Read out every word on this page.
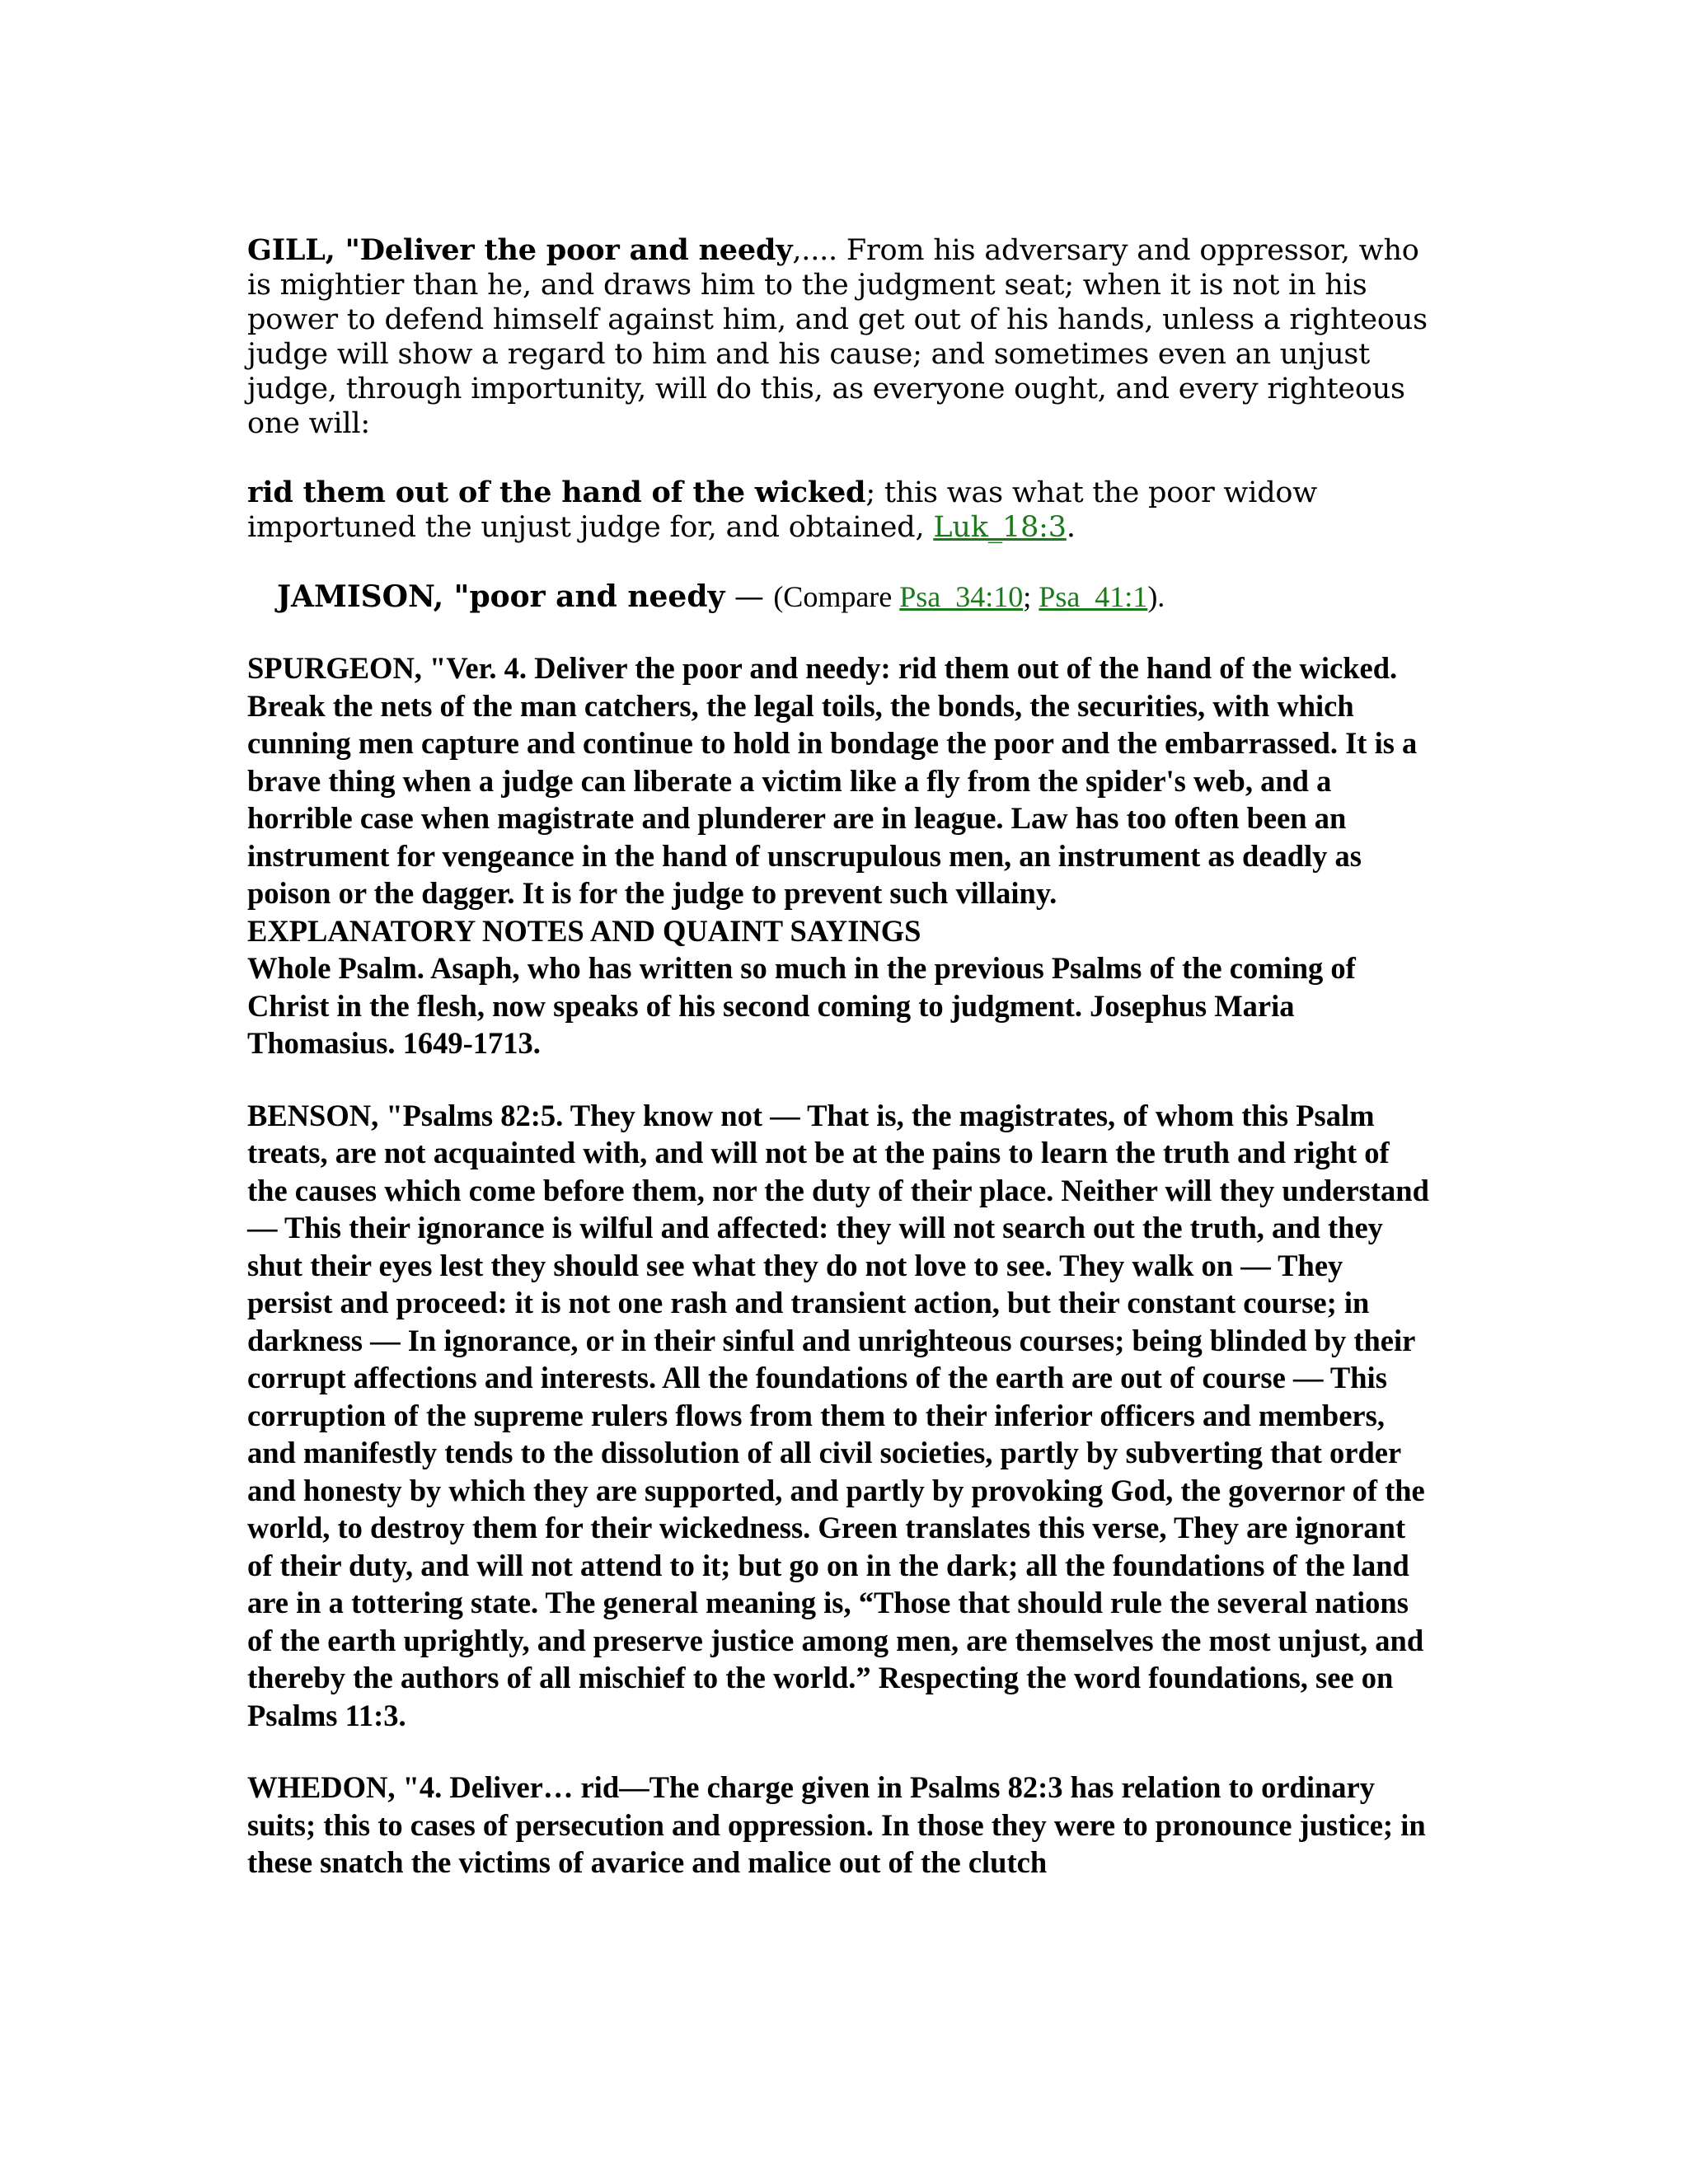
GILL, "Deliver the poor and needy,.... From his adversary and oppressor, who is mightier than he, and draws him to the judgment seat; when it is not in his power to defend himself against him, and get out of his hands, unless a righteous judge will show a regard to him and his cause; and sometimes even an unjust judge, through importunity, will do this, as everyone ought, and every righteous one will:
rid them out of the hand of the wicked; this was what the poor widow importuned the unjust judge for, and obtained, Luk_18:3.
JAMISON, "poor and needy — (Compare Psa_34:10; Psa_41:1).

SPURGEON, "Ver. 4. Deliver the poor and needy: rid them out of the hand of the wicked. Break the nets of the man catchers, the legal toils, the bonds, the securities, with which cunning men capture and continue to hold in bondage the poor and the embarrassed. It is a brave thing when a judge can liberate a victim like a fly from the spider's web, and a horrible case when magistrate and plunderer are in league. Law has too often been an instrument for vengeance in the hand of unscrupulous men, an instrument as deadly as poison or the dagger. It is for the judge to prevent such villainy.

EXPLANATORY NOTES AND QUAINT SAYINGS

Whole Psalm. Asaph, who has written so much in the previous Psalms of the coming of Christ in the flesh, now speaks of his second coming to judgment. Josephus Maria Thomasius. 1649-1713.

BENSON, "Psalms 82:5. They know not — That is, the magistrates, of whom this Psalm treats, are not acquainted with, and will not be at the pains to learn the truth and right of the causes which come before them, nor the duty of their place. Neither will they understand — This their ignorance is wilful and affected: they will not search out the truth, and they shut their eyes lest they should see what they do not love to see. They walk on — They persist and proceed: it is not one rash and transient action, but their constant course; in darkness — In ignorance, or in their sinful and unrighteous courses; being blinded by their corrupt affections and interests. All the foundations of the earth are out of course — This corruption of the supreme rulers flows from them to their inferior officers and members, and manifestly tends to the dissolution of all civil societies, partly by subverting that order and honesty by which they are supported, and partly by provoking God, the governor of the world, to destroy them for their wickedness. Green translates this verse, They are ignorant of their duty, and will not attend to it; but go on in the dark; all the foundations of the land are in a tottering state. The general meaning is, “Those that should rule the several nations of the earth uprightly, and preserve justice among men, are themselves the most unjust, and thereby the authors of all mischief to the world.” Respecting the word foundations, see on Psalms 11:3.

WHEDON, "4. Deliver… rid—The charge given in Psalms 82:3 has relation to ordinary suits; this to cases of persecution and oppression. In those they were to pronounce justice; in these snatch the victims of avarice and malice out of the clutch
